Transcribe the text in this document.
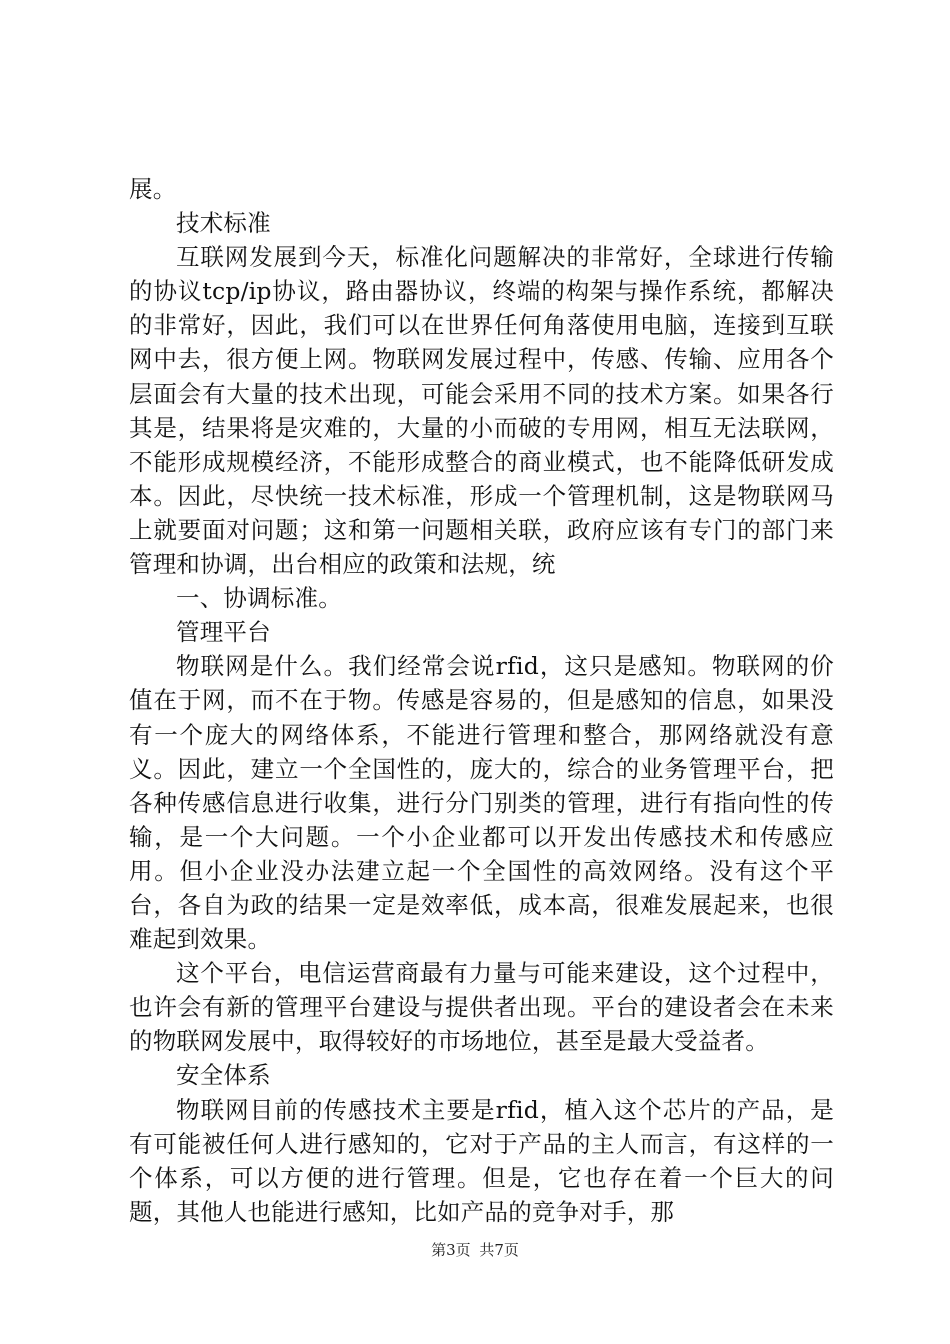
展。

技术标准

互联网发展到今天，标准化问题解决的非常好，全球进行传输的协议tcp/ip协议，路由器协议，终端的构架与操作系统，都解决的非常好，因此，我们可以在世界任何角落使用电脑，连接到互联网中去，很方便上网。物联网发展过程中，传感、传输、应用各个层面会有大量的技术出现，可能会采用不同的技术方案。如果各行其是，结果将是灾难的，大量的小而破的专用网，相互无法联网，不能形成规模经济，不能形成整合的商业模式，也不能降低研发成本。因此，尽快统一技术标准，形成一个管理机制，这是物联网马上就要面对问题；这和第一问题相关联，政府应该有专门的部门来管理和协调，出台相应的政策和法规，统

一、协调标准。

管理平台

物联网是什么。我们经常会说rfid，这只是感知。物联网的价值在于网，而不在于物。传感是容易的，但是感知的信息，如果没有一个庞大的网络体系，不能进行管理和整合，那网络就没有意义。因此，建立一个全国性的，庞大的，综合的业务管理平台，把各种传感信息进行收集，进行分门别类的管理，进行有指向性的传输，是一个大问题。一个小企业都可以开发出传感技术和传感应用。但小企业没办法建立起一个全国性的高效网络。没有这个平台，各自为政的结果一定是效率低，成本高，很难发展起来，也很难起到效果。

这个平台，电信运营商最有力量与可能来建设，这个过程中，也许会有新的管理平台建设与提供者出现。平台的建设者会在未来的物联网发展中，取得较好的市场地位，甚至是最大受益者。

安全体系

物联网目前的传感技术主要是rfid，植入这个芯片的产品，是有可能被任何人进行感知的，它对于产品的主人而言，有这样的一个体系，可以方便的进行管理。但是，它也存在着一个巨大的问题，其他人也能进行感知，比如产品的竞争对手，那

第3页 共7页
